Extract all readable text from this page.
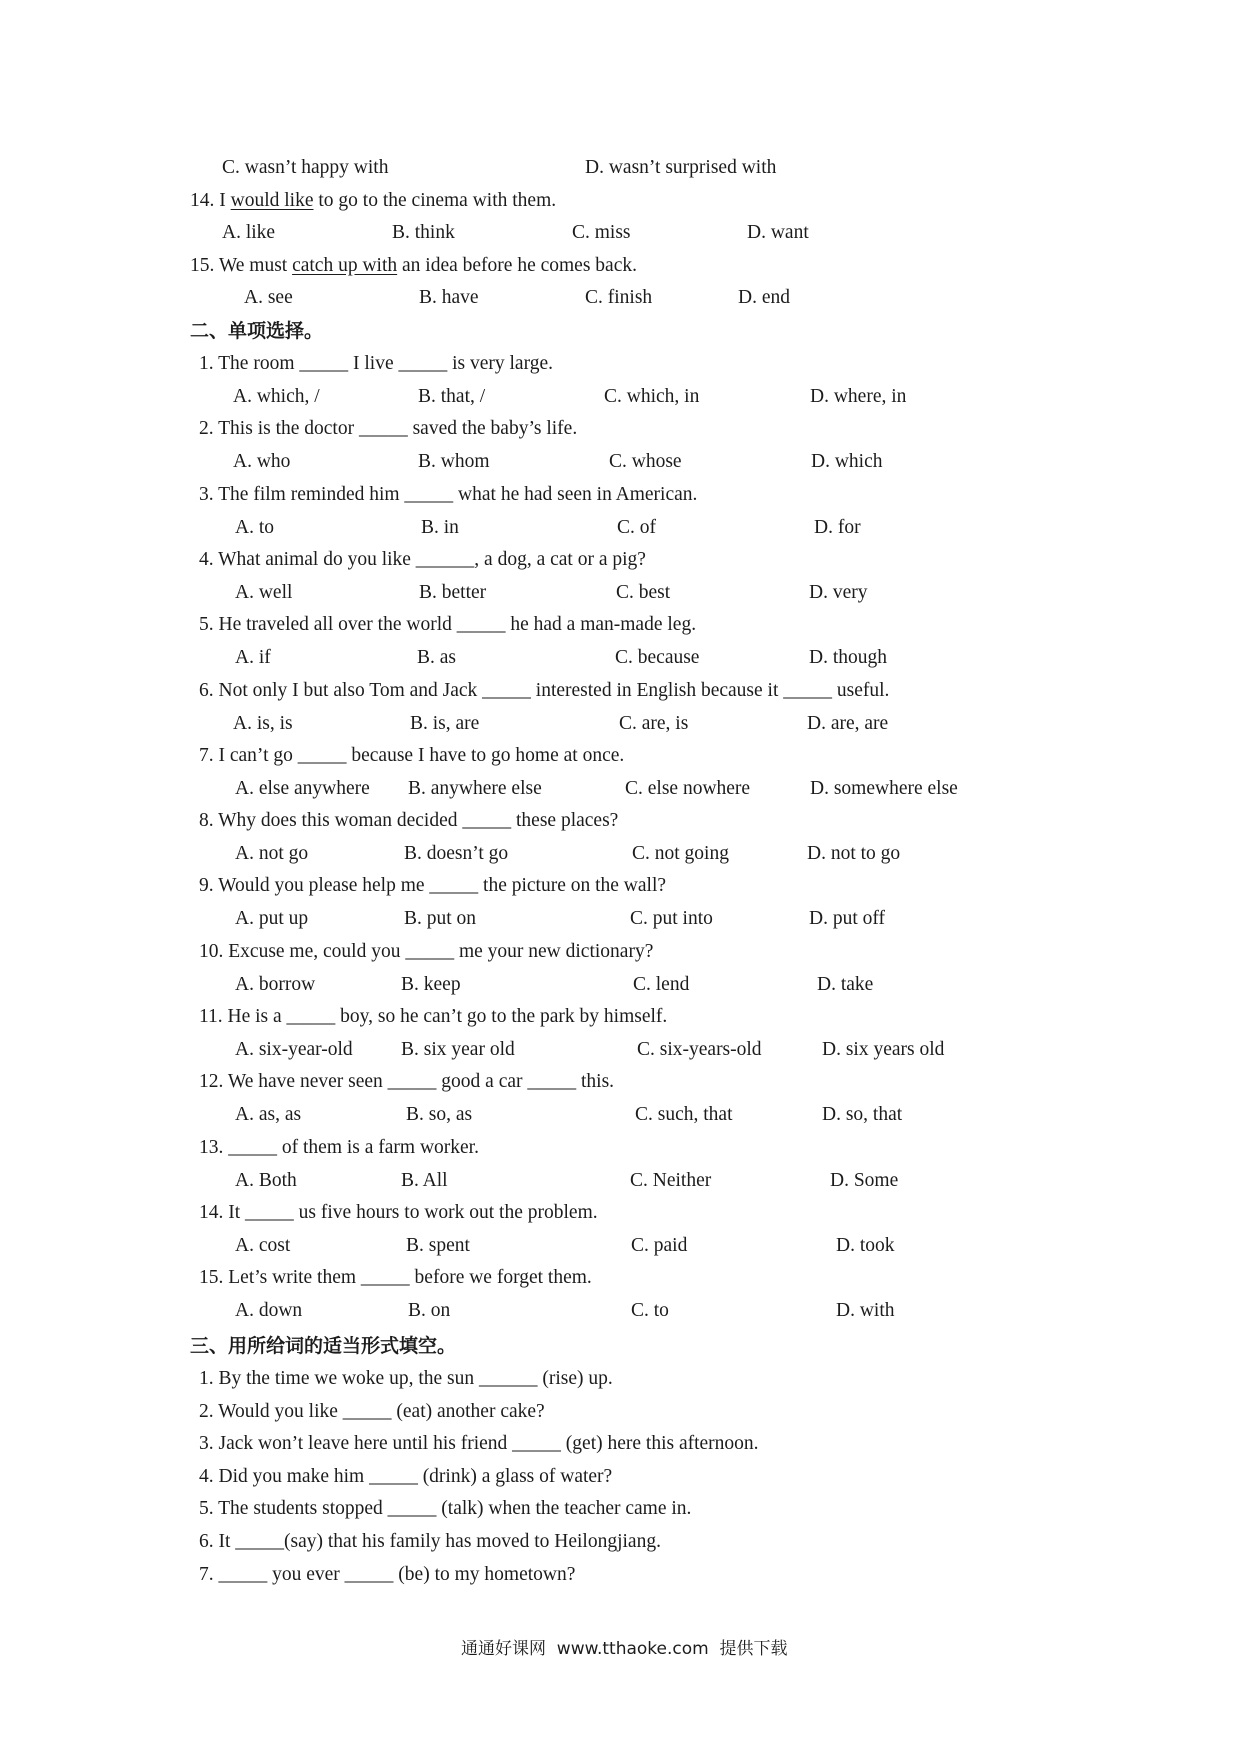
C. wasn’t happy with	D. wasn’t surprised with
14. I would like to go to the cinema with them.
A. like	B. think	C. miss	D. want
15. We must catch up with an idea before he comes back.
A. see	B. have	C. finish	D. end
二、单项选择。
1. The room _____ I live _____ is very large.
A. which, /	B. that, /	C. which, in	D. where, in
2. This is the doctor _____ saved the baby’s life.
A. who	B. whom	C. whose	D. which
3. The film reminded him _____ what he had seen in American.
A. to	B. in	C. of	D. for
4. What animal do you like ______, a dog, a cat or a pig?
A. well	B. better	C. best	D. very
5. He traveled all over the world _____ he had a man-made leg.
A. if	B. as	C. because	D. though
6. Not only I but also Tom and Jack _____ interested in English because it _____ useful.
A. is, is	B. is, are	C. are, is	D. are, are
7. I can’t go _____ because I have to go home at once.
A. else anywhere B. anywhere else	C. else nowhere	D. somewhere else
8. Why does this woman decided _____ these places?
A. not go	B. doesn’t go	C. not going	D. not to go
9. Would you please help me _____ the picture on the wall?
A. put up	B. put on	C. put into	D. put off
10. Excuse me, could you _____ me your new dictionary?
A. borrow	B. keep	C. lend	D. take
11. He is a _____ boy, so he can’t go to the park by himself.
A. six-year-old B. six year old	C. six-years-old	D. six years old
12. We have never seen _____ good a car _____ this.
A. as, as	B. so, as	C. such, that	D. so, that
13. _____ of them is a farm worker.
A. Both	B. All	C. Neither	D. Some
14. It _____ us five hours to work out the problem.
A. cost	B. spent	C. paid	D. took
15. Let’s write them _____ before we forget them.
A. down	B. on	C. to	D. with
三、用所给词的适当形式填空。
1. By the time we woke up, the sun ______ (rise) up.
2. Would you like _____ (eat) another cake?
3. Jack won’t leave here until his friend _____ (get) here this afternoon.
4. Did you make him _____ (drink) a glass of water?
5. The students stopped _____ (talk) when the teacher came in.
6. It _____(say) that his family has moved to Heilongjiang.
7. _____ you ever _____ (be) to my hometown?
通通好课网  www.tthaoke.com  提供下载
